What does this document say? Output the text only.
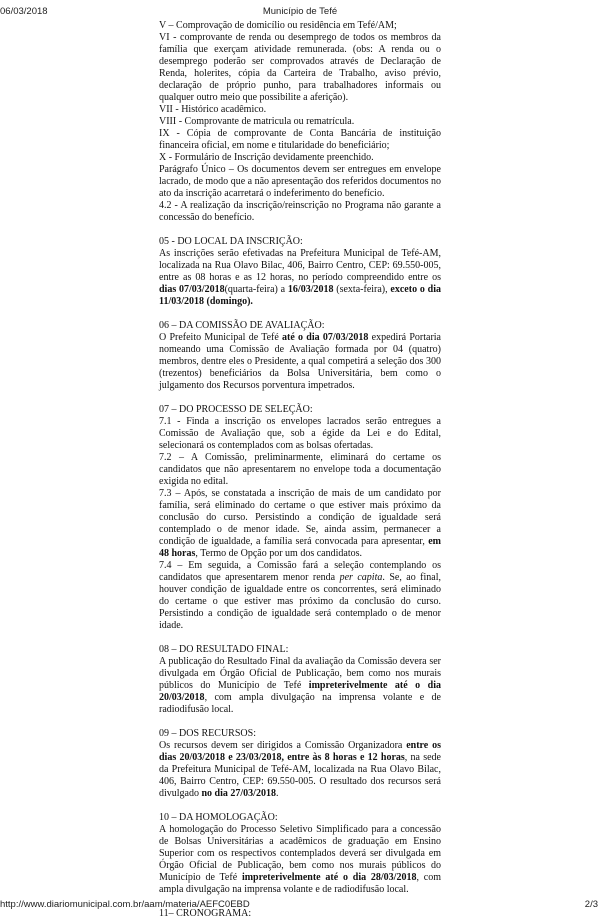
06/03/2018	Município de Tefé

V – Comprovação de domicílio ou residência em Tefé/AM;

VI - comprovante de renda ou desemprego de todos os membros da família que exerçam atividade remunerada. (obs: A renda ou o desemprego poderão ser comprovados através de Declaração de Renda, holerites, cópia da Carteira de Trabalho, aviso prévio, declaração de próprio punho, para trabalhadores informais ou qualquer outro meio que possibilite a aferição).

VII - Histórico acadêmico.

VIII - Comprovante de matricula ou rematrícula.

IX - Cópia de comprovante de Conta Bancária de instituição financeira oficial, em nome e titularidade do beneficiário;

X - Formulário de Inscrição devidamente preenchido.

Parágrafo Único – Os documentos devem ser entregues em envelope lacrado, de modo que a não apresentação dos referidos documentos no ato da inscrição acarretará o indeferimento do benefício.

4.2 - A realização da inscrição/reinscrição no Programa não garante a concessão do benefício.

05 - DO LOCAL DA INSCRIÇÃO:

As inscrições serão efetivadas na Prefeitura Municipal de Tefé-AM, localizada na Rua Olavo Bilac, 406, Bairro Centro, CEP: 69.550-005, entre as 08 horas e as 12 horas, no período compreendido entre os dias 07/03/2018(quarta-feira) a 16/03/2018 (sexta-feira), exceto o dia 11/03/2018 (domingo).

06 – DA COMISSÃO DE AVALIAÇÃO:

O Prefeito Municipal de Tefé até o dia 07/03/2018 expedirá Portaria nomeando uma Comissão de Avaliação formada por 04 (quatro) membros, dentre eles o Presidente, a qual competirá a seleção dos 300 (trezentos) beneficiários da Bolsa Universitária, bem como o julgamento dos Recursos porventura impetrados.

07 – DO PROCESSO DE SELEÇÃO:

7.1 - Finda a inscrição os envelopes lacrados serão entregues a Comissão de Avaliação que, sob a égide da Lei e do Edital, selecionará os contemplados com as bolsas ofertadas.

7.2 – A Comissão, preliminarmente, eliminará do certame os candidatos que não apresentarem no envelope toda a documentação exigida no edital.

7.3 – Após, se constatada a inscrição de mais de um candidato por família, será eliminado do certame o que estiver mais próximo da conclusão do curso. Persistindo a condição de igualdade será contemplado o de menor idade. Se, ainda assim, permanecer a condição de igualdade, a família será convocada para apresentar, em 48 horas, Termo de Opção por um dos candidatos.

7.4 – Em seguida, a Comissão fará a seleção contemplando os candidatos que apresentarem menor renda per capita. Se, ao final, houver condição de igualdade entre os concorrentes, será eliminado do certame o que estiver mas próximo da conclusão do curso. Persistindo a condição de igualdade será contemplado o de menor idade.

08 – DO RESULTADO FINAL:

A publicação do Resultado Final da avaliação da Comissão devera ser divulgada em Órgão Oficial de Publicação, bem como nos murais públicos do Município de Tefé impreterivelmente até o dia 20/03/2018, com ampla divulgação na imprensa volante e de radiodifusão local.

09 – DOS RECURSOS:

Os recursos devem ser dirigidos a Comissão Organizadora entre os dias 20/03/2018 e 23/03/2018, entre às 8 horas e 12 horas, na sede da Prefeitura Municipal de Tefé-AM, localizada na Rua Olavo Bilac, 406, Bairro Centro, CEP: 69.550-005. O resultado dos recursos será divulgado no dia 27/03/2018.

10 – DA HOMOLOGAÇÃO:

A homologação do Processo Seletivo Simplificado para a concessão de Bolsas Universitárias a acadêmicos de graduação em Ensino Superior com os respectivos contemplados deverá ser divulgada em Órgão Oficial de Publicação, bem como nos murais públicos do Município de Tefé impreterivelmente até o dia 28/03/2018, com ampla divulgação na imprensa volante e de radiodifusão local.

11– CRONOGRAMA:

http://www.diariomunicipal.com.br/aam/materia/AEFC0EBD	2/3
